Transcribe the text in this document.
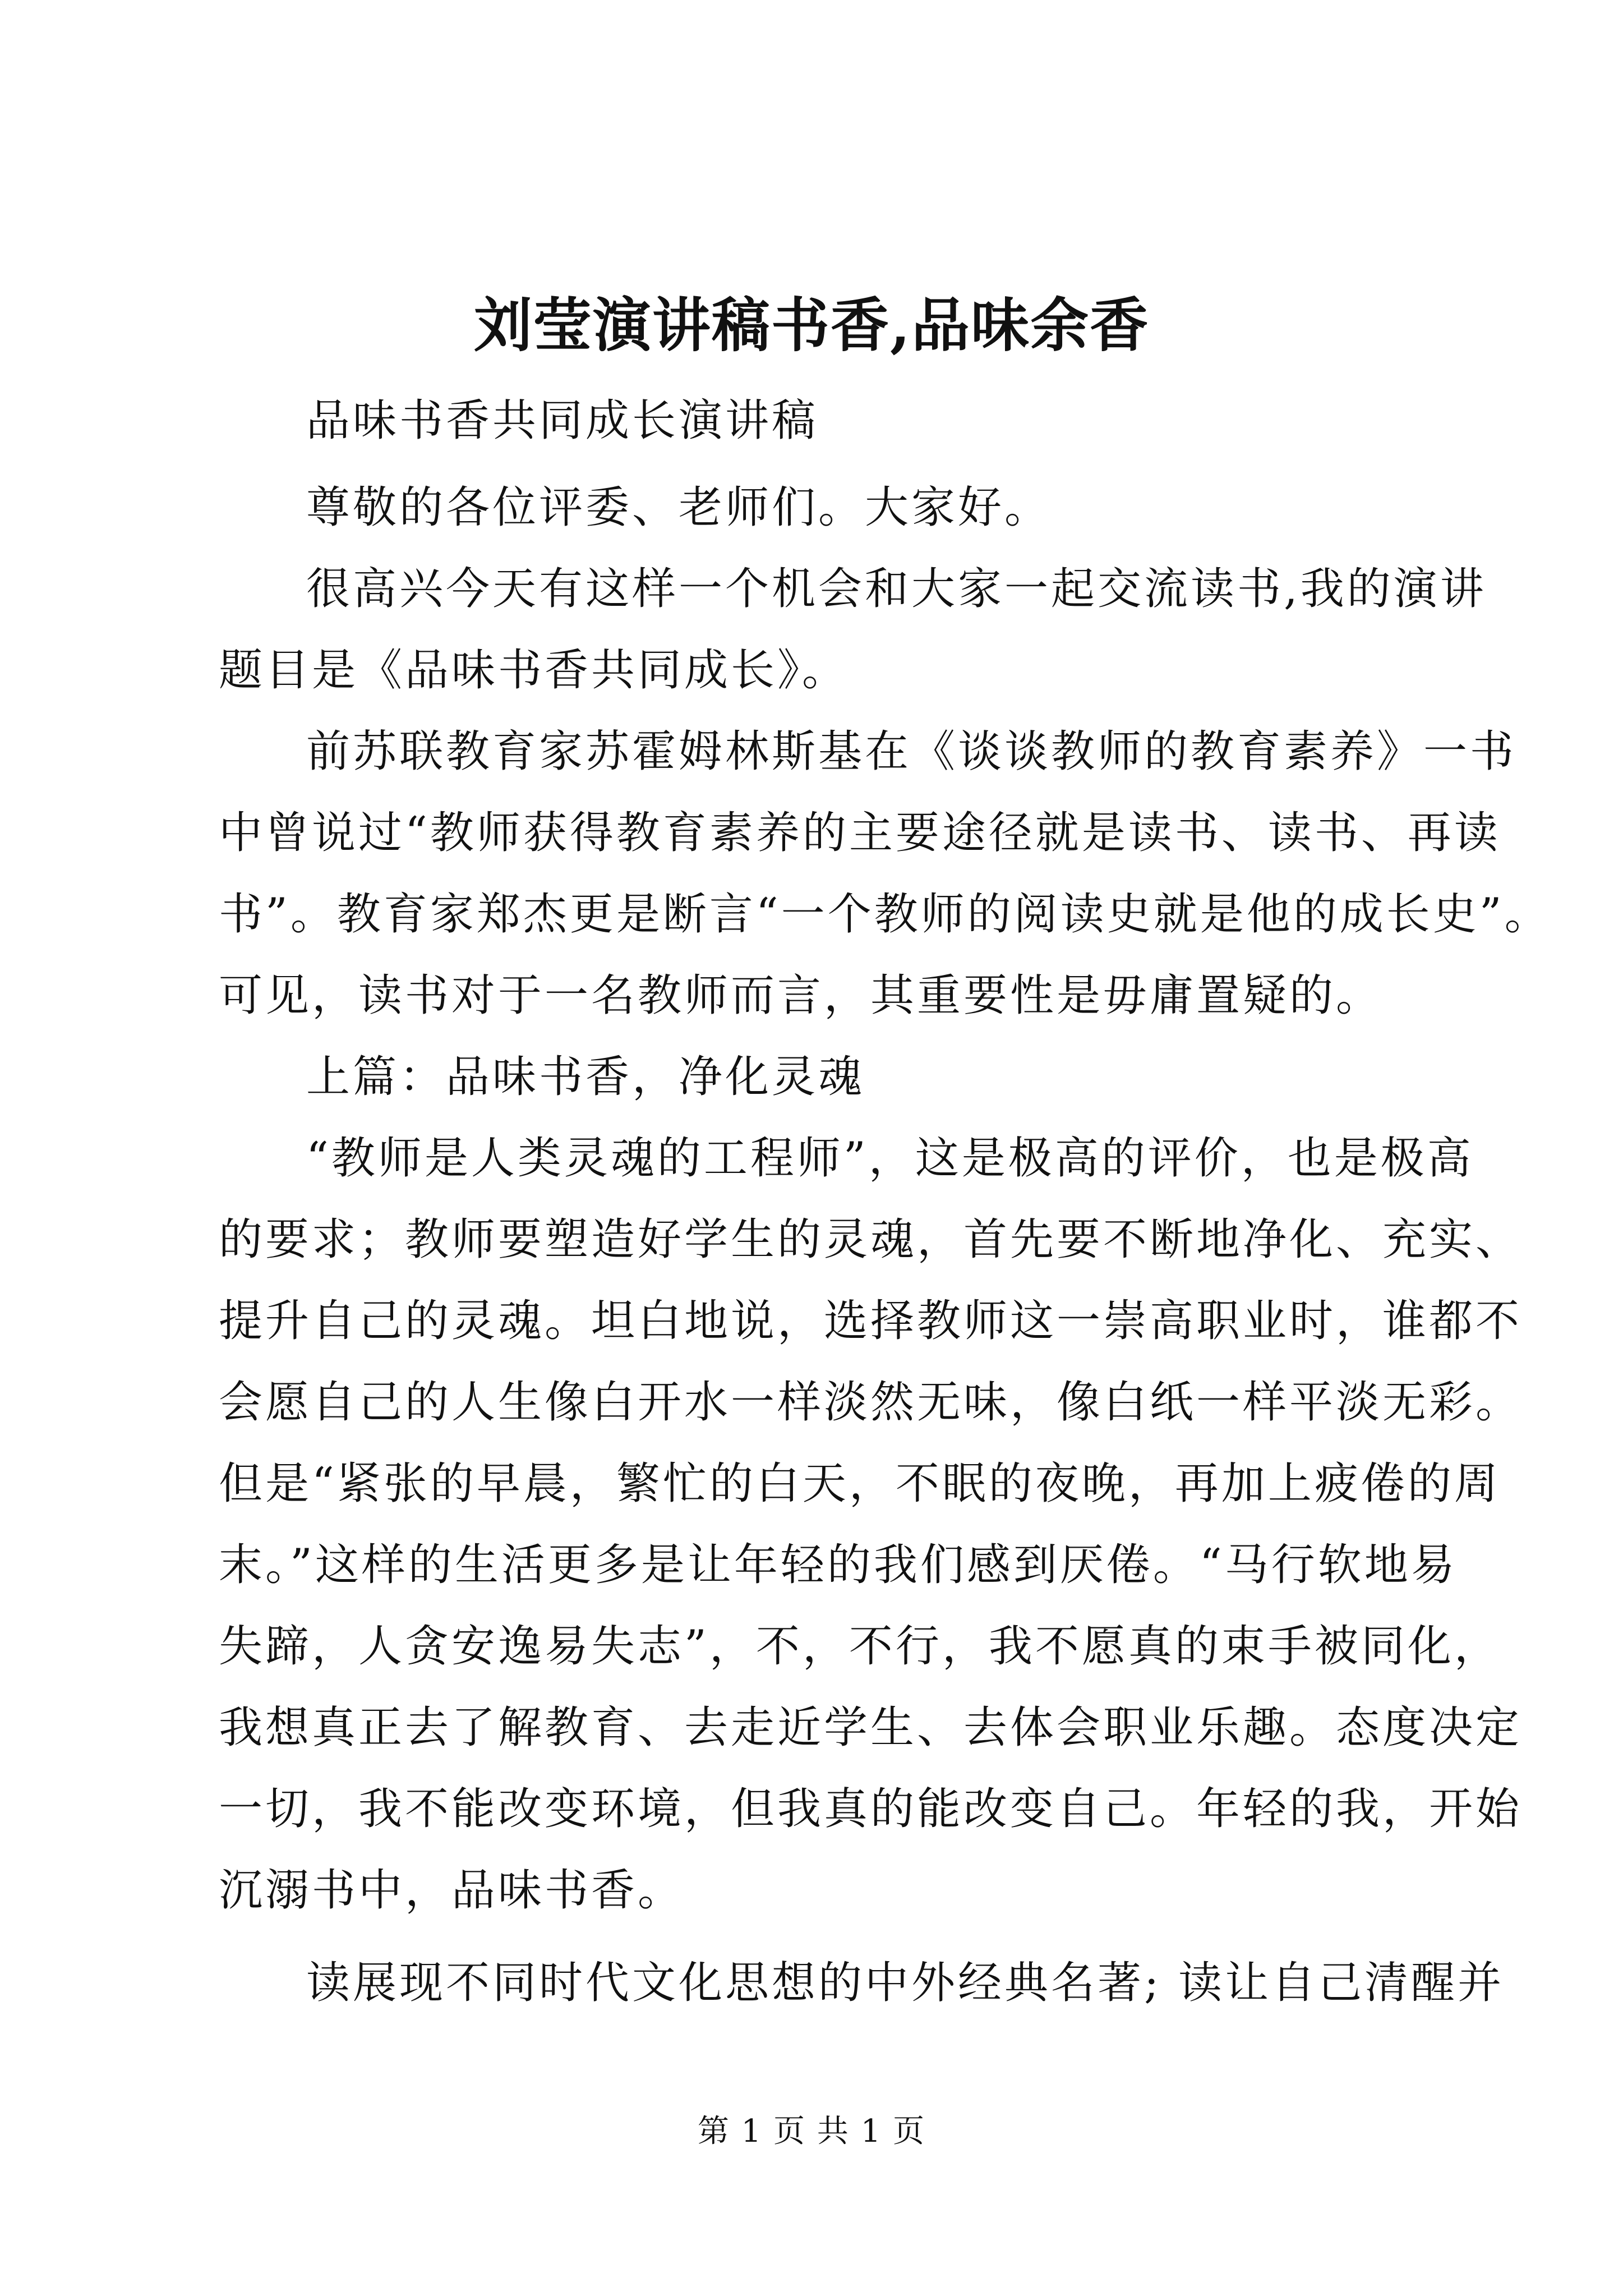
刘莹演讲稿书香,品味余香
品味书香共同成长演讲稿
尊敬的各位评委、老师们。大家好。
很高兴今天有这样一个机会和大家一起交流读书,我的演讲
题目是《品味书香共同成长》。
前苏联教育家苏霍姆林斯基在《谈谈教师的教育素养》一书
中曾说过“教师获得教育素养的主要途径就是读书、读书、再读
书”。教育家郑杰更是断言“一个教师的阅读史就是他的成长史”。
可见，读书对于一名教师而言，其重要性是毋庸置疑的。
上篇：品味书香，净化灵魂
“教师是人类灵魂的工程师”，这是极高的评价，也是极高
的要求；教师要塑造好学生的灵魂，首先要不断地净化、充实、
提升自己的灵魂。坦白地说，选择教师这一崇高职业时，谁都不
会愿自己的人生像白开水一样淡然无味，像白纸一样平淡无彩。
但是“紧张的早晨，繁忙的白天，不眠的夜晚，再加上疲倦的周
末。”这样的生活更多是让年轻的我们感到厌倦。“马行软地易
失蹄，人贪安逸易失志”，不，不行，我不愿真的束手被同化，
我想真正去了解教育、去走近学生、去体会职业乐趣。态度决定
一切，我不能改变环境，但我真的能改变自己。年轻的我，开始
沉溺书中，品味书香。
读展现不同时代文化思想的中外经典名著; 读让自己清醒并
第 1 页 共 1 页
